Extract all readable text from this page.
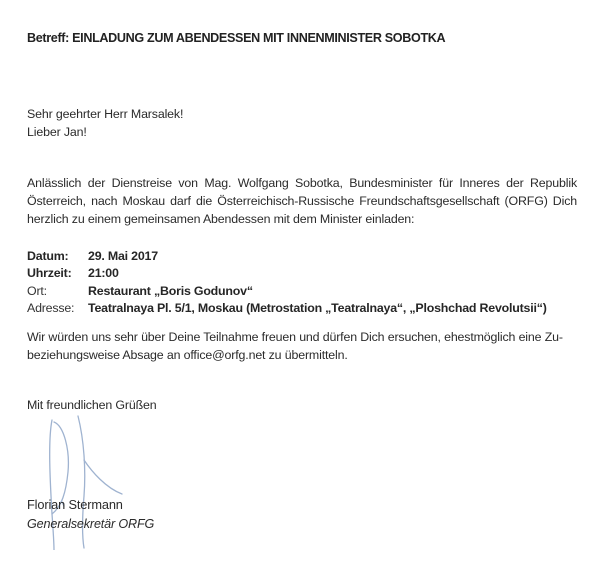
Betreff: EINLADUNG ZUM ABENDESSEN MIT INNENMINISTER SOBOTKA
Sehr geehrter Herr Marsalek!
Lieber Jan!
Anlässlich der Dienstreise von Mag. Wolfgang Sobotka, Bundesminister für Inneres der Republik
Österreich, nach Moskau darf die Österreichisch-Russische Freundschaftsgesellschaft (ORFG) Dich
herzlich zu einem gemeinsamen Abendessen mit dem Minister einladen:
Datum: 29. Mai 2017
Uhrzeit: 21:00
Ort:	Restaurant „Boris Godunov“
Adresse: Teatralnaya Pl. 5/1, Moskau (Metrostation „Teatralnaya“, „Ploshchad Revolutsii“)
Wir würden uns sehr über Deine Teilnahme freuen und dürfen Dich ersuchen, ehestmöglich eine Zu-
beziehungsweise Absage an office@orfg.net zu übermitteln.
Mit freundlichen Grüßen
Florian Stermann
Generalsekretär ORFG
